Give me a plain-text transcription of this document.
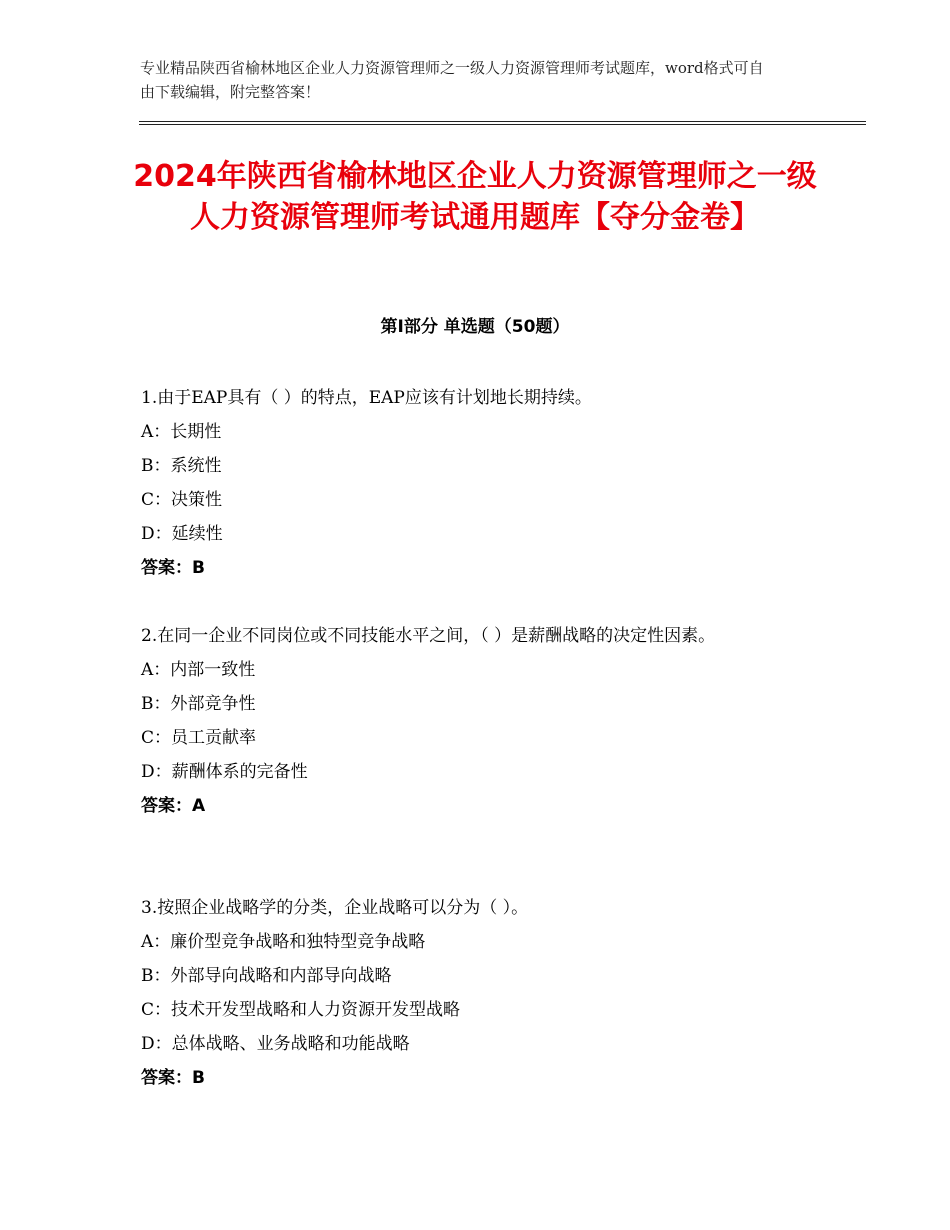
专业精品陕西省榆林地区企业人力资源管理师之一级人力资源管理师考试题库，word格式可自由下载编辑，附完整答案！
2024年陕西省榆林地区企业人力资源管理师之一级人力资源管理师考试通用题库【夺分金卷】
第Ⅰ部分 单选题（50题）

1.由于EAP具有（ ）的特点，EAP应该有计划地长期持续。

A：长期性

B：系统性

C：决策性

D：延续性

答案：B

2.在同一企业不同岗位或不同技能水平之间，（ ）是薪酬战略的决定性因素。

A：内部一致性

B：外部竞争性

C：员工贡献率

D：薪酬体系的完备性

答案：A

3.按照企业战略学的分类，企业战略可以分为（ ）。

A：廉价型竞争战略和独特型竞争战略

B：外部导向战略和内部导向战略

C：技术开发型战略和人力资源开发型战略

D：总体战略、业务战略和功能战略

答案：B
